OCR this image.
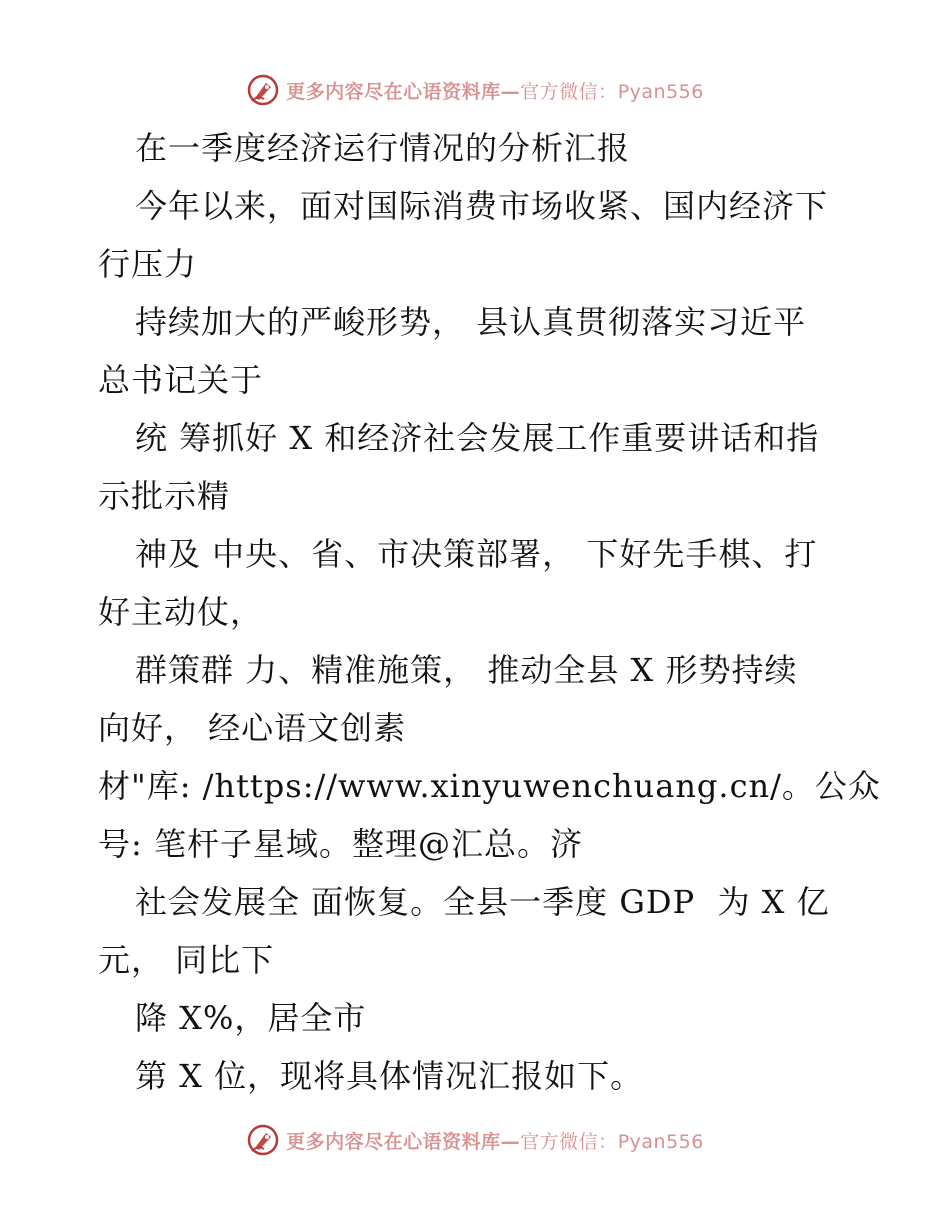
更多内容尽在心语资料库—官方微信：Pyan556
在一季度经济运行情况的分析汇报
今年以来，面对国际消费市场收紧、国内经济下
行压力
持续加大的严峻形势， 县认真贯彻落实习近平
总书记关于
统 筹抓好 X 和经济社会发展工作重要讲话和指
示批示精
神及 中央、省、市决策部署， 下好先手棋、打
好主动仗，
群策群 力、精准施策， 推动全县 X 形势持续
向好， 经心语文创素
材"库: /https://www.xinyuwenchuang.cn/。公众
号: 笔杆子星域。整理@汇总。济
社会发展全 面恢复。全县一季度 GDP  为 X 亿
元， 同比下
降 X%，居全市
第 X 位，现将具体情况汇报如下。
更多内容尽在心语资料库—官方微信：Pyan556
